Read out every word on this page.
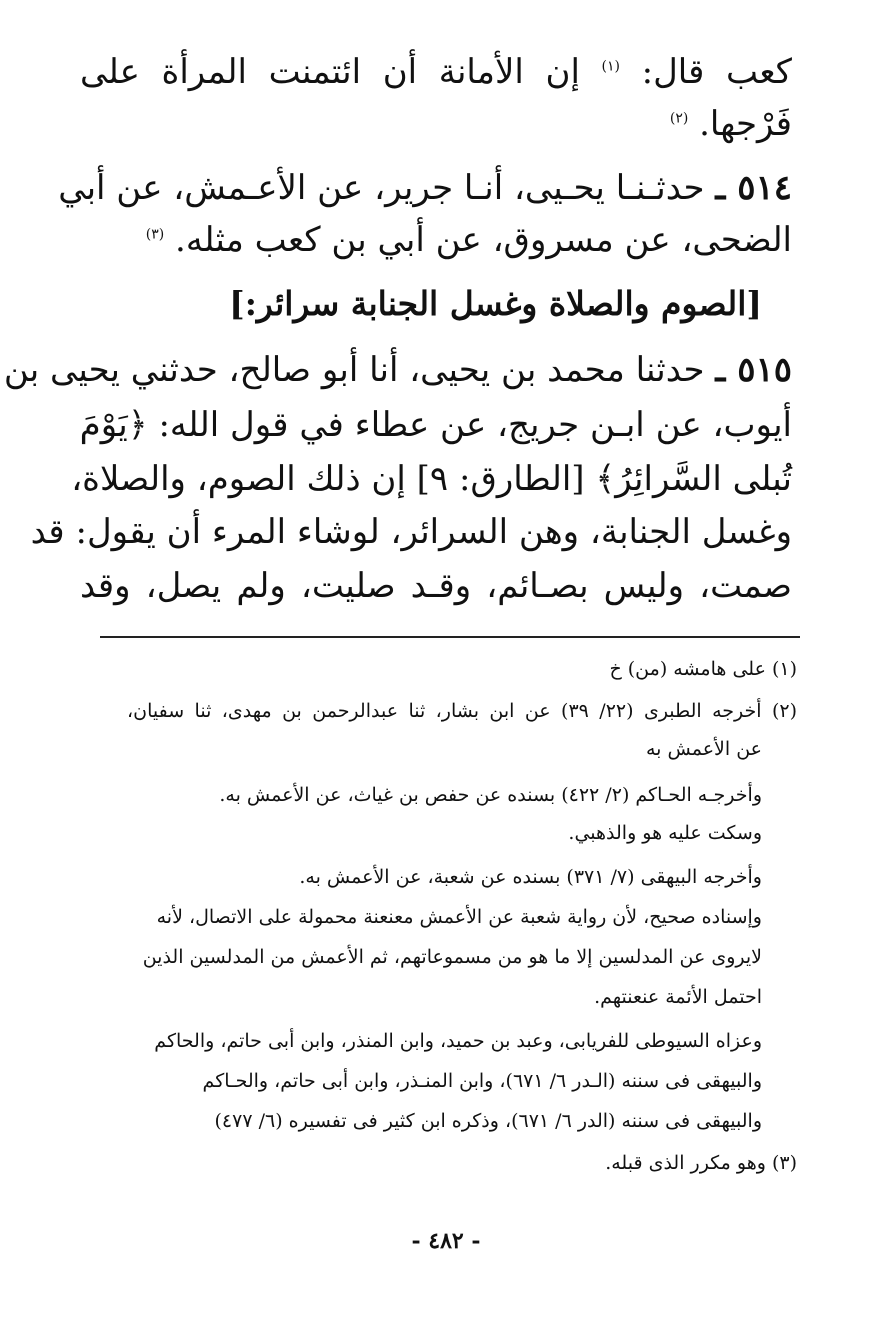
كعب قال: $^{(١)}$ إن الأمانة أن ائتمنت المرأة على
فَرْجها. $^{(٢)}$
٥١٤ ـ حدثـنـا يحـيى، أنـا جرير، عن الأعـمش، عن أبي
الضحى، عن مسروق، عن أبي بن كعب مثله. $^{(٣)}$
[الصوم والصلاة وغسل الجنابة سرائر:]
٥١٥ ـ حدثنا محمد بن يحيى، أنا أبو صالح، حدثني يحيى بن
أيوب، عن ابـن جريج، عن عطاء في قول الله: ﴿يَوْمَ
تُبلى السَّرائِرُ﴾ [الطارق: ٩] إن ذلك الصوم، والصلاة،
وغسل الجنابة، وهن السرائر، لوشاء المرء أن يقول: قد
صمت، وليس بصـائم، وقـد صليت، ولم يصل، وقد
(١) على هامشه (من) خ
(٢) أخرجه الطبرى (٢٢/ ٣٩) عن ابن بشار، ثنا عبدالرحمن بن مهدى، ثنا سفيان،
عن الأعمش به
وأخرجـه الحـاكم (٢/ ٤٢٢) بسنده عن حفص بن غياث، عن الأعمش به.
وسكت عليه هو والذهبي.
وأخرجه البيهقى (٧/ ٣٧١) بسنده عن شعبة، عن الأعمش به.
وإسناده صحيح، لأن رواية شعبة عن الأعمش معنعنة محمولة على الاتصال، لأنه
لايروى عن المدلسين إلا ما هو من مسموعاتهم، ثم الأعمش من المدلسين الذين
احتمل الأئمة عنعنتهم.
وعزاه السيوطى للفريابى، وعبد بن حميد، وابن المنذر، وابن أبى حاتم، والحاكم
والبيهقى فى سننه (الـدر ٦/ ٦٧١)، وابن المنـذر، وابن أبى حاتم، والحـاكم
والبيهقى فى سننه (الدر ٦/ ٦٧١)، وذكره ابن كثير فى تفسيره (٦/ ٤٧٧)
(٣) وهو مكرر الذى قبله.
- ٤٨٢ -
